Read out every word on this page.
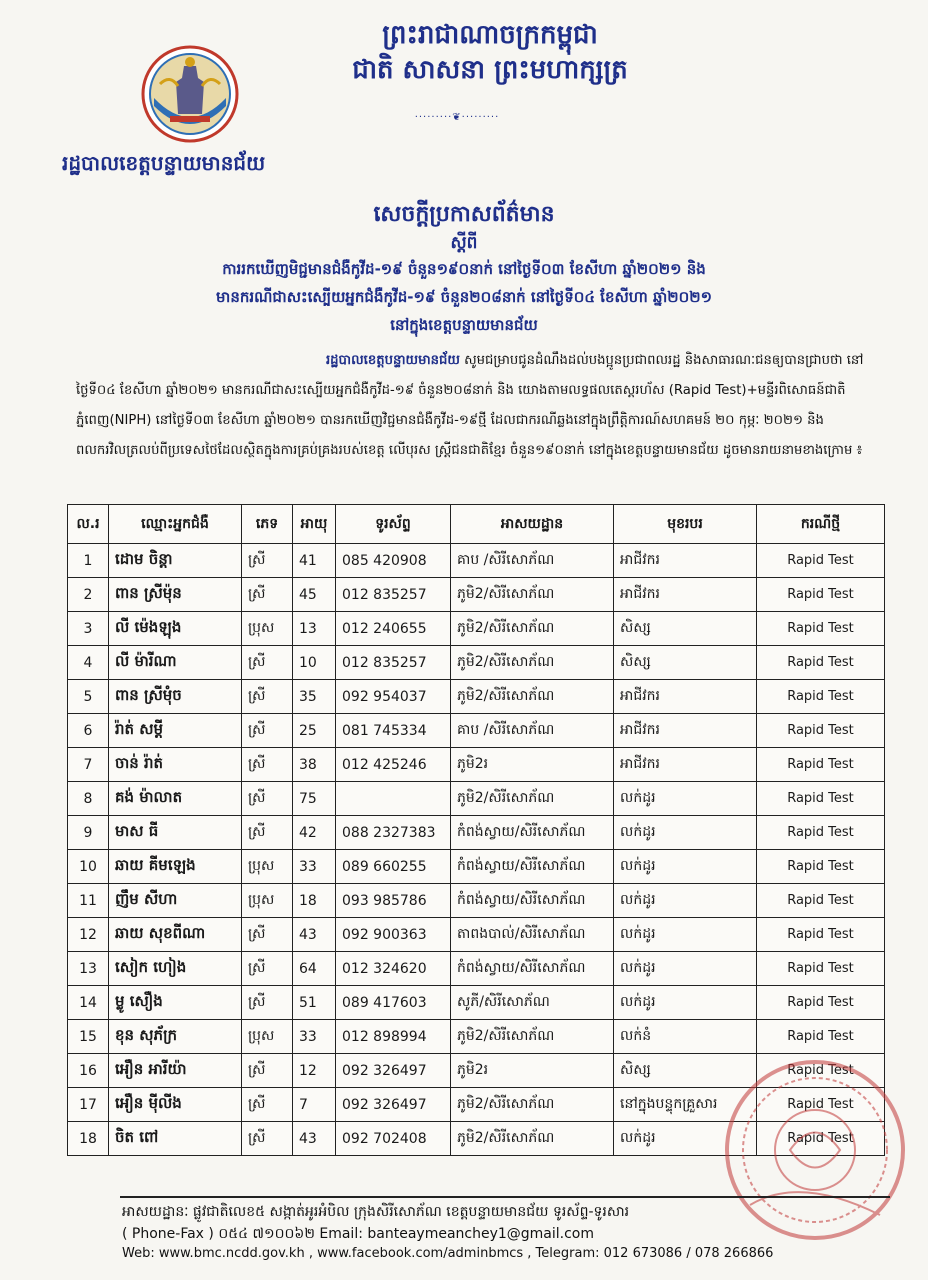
ព្រះរាជាណាចក្រកម្ពុជា
ជាតិ សាសនា ព្រះមហាក្សត្រ
·········❦·········
រដ្ឋបាលខេត្តបន្ទាយមានជ័យ
សេចក្តីប្រកាសព័ត៌មាន
ស្តីពី
ការរកឃើញមិជ្ជមានជំងឺកូវីដ-១៩ ចំនួន១៩០នាក់ នៅថ្ងៃទី០៣ ខែសីហា ឆ្នាំ២០២១ និង
មានករណីជាសះស្បើយអ្នកជំងឺកូវីដ-១៩ ចំនួន២០៨នាក់ នៅថ្ងៃទី០៤ ខែសីហា ឆ្នាំ២០២១
នៅក្នុងខេត្តបន្ទាយមានជ័យ
រដ្ឋបាលខេត្តបន្ទាយមានជ័យ សូមជម្រាបជូនដំណឹងដល់បងប្អូនប្រជាពលរដ្ឋ និងសាធារណៈជនឲ្យបានជ្រាបថា នៅថ្ងៃទី០៤ ខែសីហា ឆ្នាំ២០២១ មានករណីជាសះស្បើយអ្នកជំងឺកូវីដ-១៩ ចំនួន២០៨នាក់ និង យោងតាមលទ្ធផលតេស្តរហ័ស (Rapid Test)+មន្ទីរពិសោធន៍ជាតិភ្នំពេញ(NIPH) នៅថ្ងៃទី០៣ ខែសីហា ឆ្នាំ២០២១ បានរកឃើញវិជ្ជមានជំងឺកូវីដ-១៩ថ្មី ដែលជាករណីឆ្លងនៅក្នុងព្រឹត្តិការណ៍សហគមន៍ ២០ កុម្ភៈ ២០២១ និងពលករវិលត្រលប់ពីប្រទេសថៃដែលស្ថិតក្នុងការគ្រប់គ្រងរបស់ខេត្ត លើបុរស ស្ត្រីជនជាតិខ្មែរ ចំនួន១៩០នាក់ នៅក្នុងខេត្តបន្ទាយមានជ័យ ដូចមានរាយនាមខាងក្រោម ៖
ល.រ	ឈ្មោះអ្នកជំងឺ	ភេទ	អាយុ	ទូរស័ព្ទ	អាសយដ្ឋាន	មុខរបរ	ករណីថ្មី
1	ដោម ចិន្តា	ស្រី	41	085 420908	គាប /សិរីសោភ័ណ	អាជីវករ	Rapid Test
2	ពាន ស្រីម៉ុន	ស្រី	45	012 835257	ភូមិ2/សិរីសោភ័ណ	អាជីវករ	Rapid Test
3	លី ម៉េងឡុង	ប្រុស	13	012 240655	ភូមិ2/សិរីសោភ័ណ	សិស្ស	Rapid Test
4	លី ម៉ារីណា	ស្រី	10	012 835257	ភូមិ2/សិរីសោភ័ណ	សិស្ស	Rapid Test
5	ពាន ស្រីមុំច	ស្រី	35	092 954037	ភូមិ2/សិរីសោភ័ណ	អាជីវករ	Rapid Test
6	រ៉ាត់ សម្តី	ស្រី	25	081 745334	គាប /សិរីសោភ័ណ	អាជីវករ	Rapid Test
7	ចាន់ រ៉ាត់	ស្រី	38	012 425246	ភូមិ2រ	អាជីវករ	Rapid Test
8	គង់ ម៉ាលាត	ស្រី	75		ភូមិ2/សិរីសោភ័ណ	លក់ដូរ	Rapid Test
9	មាស ធី	ស្រី	42	088 2327383	កំពង់ស្វាយ/សិរីសោភ័ណ	លក់ដូរ	Rapid Test
10	ឆាយ គីមឡេង	ប្រុស	33	089 660255	កំពង់ស្វាយ/សិរីសោភ័ណ	លក់ដូរ	Rapid Test
11	ញឹម សីហា	ប្រុស	18	093 985786	កំពង់ស្វាយ/សិរីសោភ័ណ	លក់ដូរ	Rapid Test
12	ឆាយ សុខពីណា	ស្រី	43	092 900363	តាពងបាល់/សិរីសោភ័ណ	លក់ដូរ	Rapid Test
13	សៀក ហៀង	ស្រី	64	012 324620	កំពង់ស្វាយ/សិរីសោភ័ណ	លក់ដូរ	Rapid Test
14	ម្លូ សឿង	ស្រី	51	089 417603	សូភី/សិរីសោភ័ណ	លក់ដូរ	Rapid Test
15	ខុន សុភ័ក្រ	ប្រុស	33	012 898994	ភូមិ2/សិរីសោភ័ណ	លក់នំ	Rapid Test
16	អឿន អារីយ៉ា	ស្រី	12	092 326497	ភូមិ2រ	សិស្ស	Rapid Test
17	អឿន ម៉ីលីង	ស្រី	7	092 326497	ភូមិ2/សិរីសោភ័ណ	នៅក្នុងបន្ទុកគ្រួសារ	Rapid Test
18	ចិត ពៅ	ស្រី	43	092 702408	ភូមិ2/សិរីសោភ័ណ	លក់ដូរ	Rapid Test
អាសយដ្ឋានៈ ផ្លូវជាតិលេខ៥ សង្កាត់អូរអំបិល ក្រុងសិរីសោភ័ណ ខេត្តបន្ទាយមានជ័យ ទូរស័ព្ទ-ទូរសារ
( Phone-Fax ) ០៥៤ ៧១០០៦២ Email: banteaymeanchey1@gmail.com
Web: www.bmc.ncdd.gov.kh , www.facebook.com/adminbmcs , Telegram: 012 673086 / 078 266866
